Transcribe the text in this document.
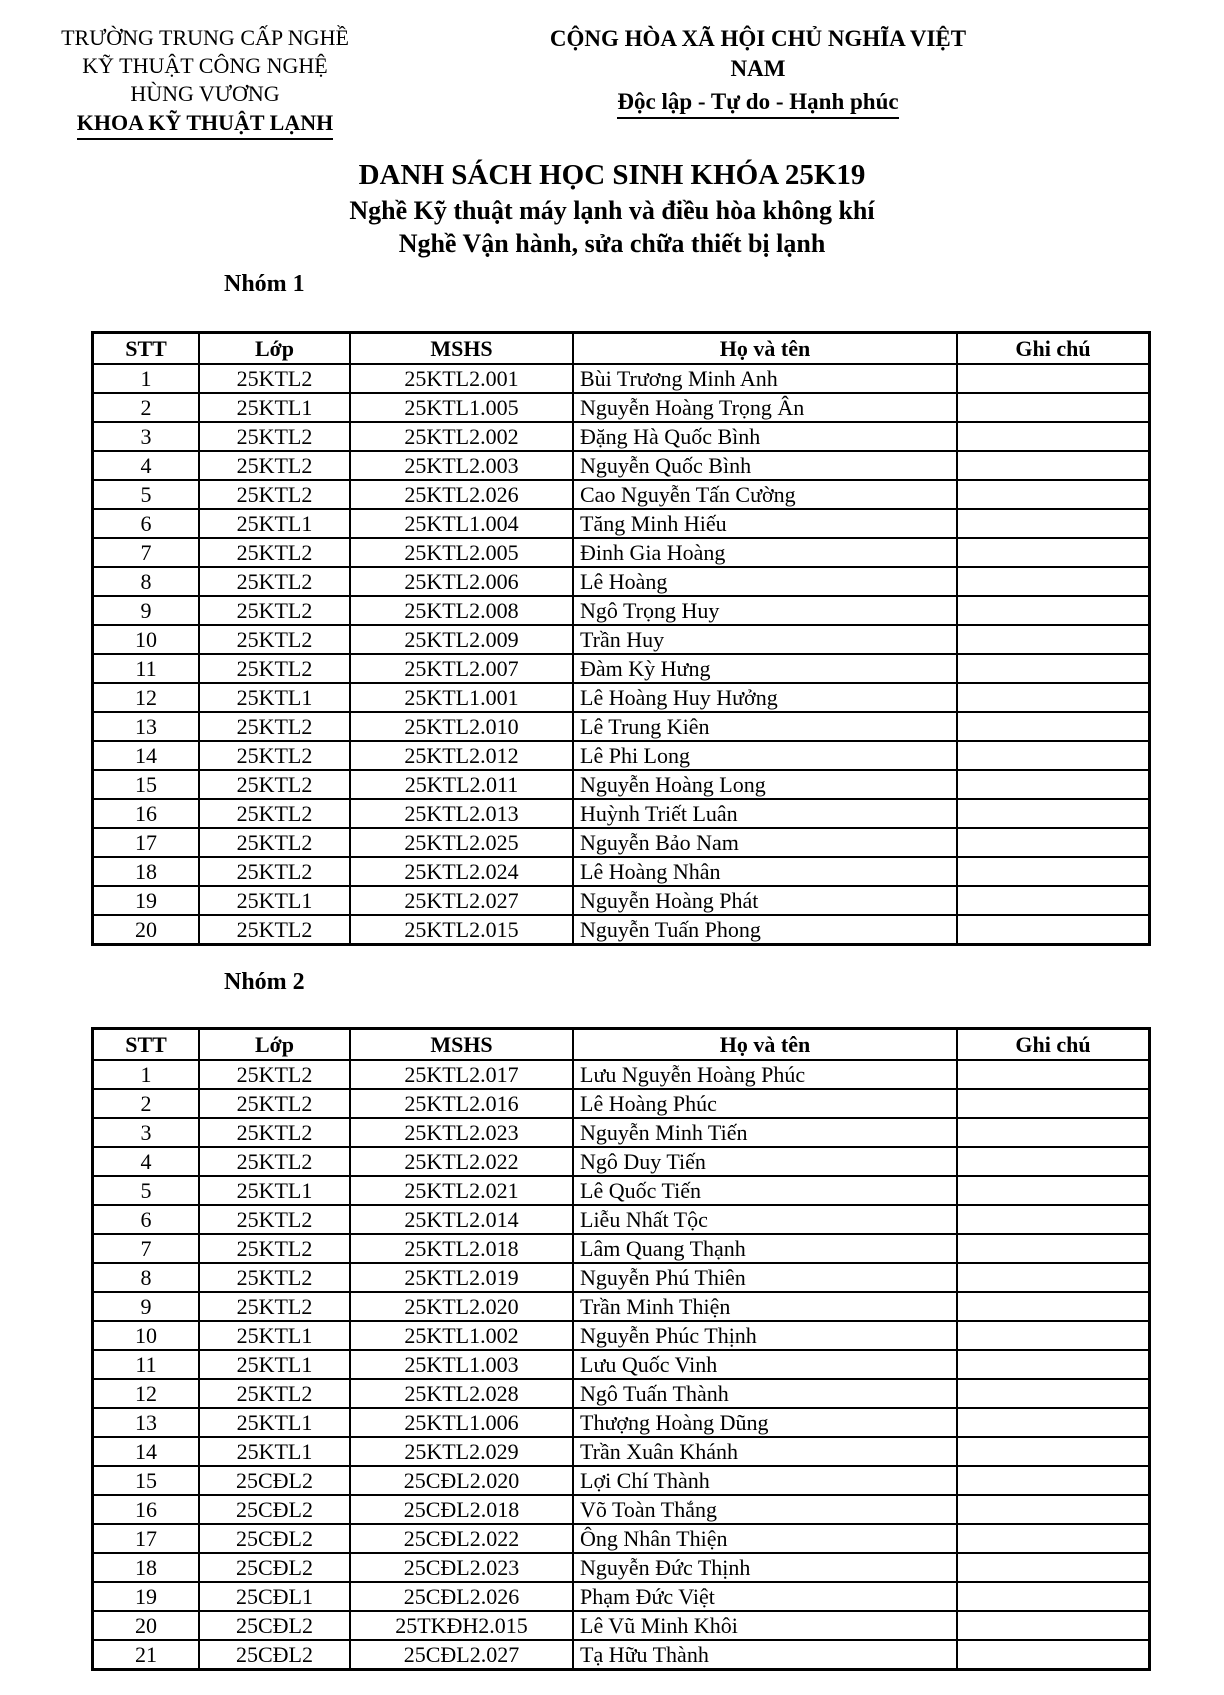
TRƯỜNG TRUNG CẤP NGHỀ
KỸ THUẬT CÔNG NGHỆ
HÙNG VƯƠNG
KHOA KỸ THUẬT LẠNH
CỘNG HÒA XÃ HỘI CHỦ NGHĨA VIỆT NAM
Độc lập - Tự do - Hạnh phúc
DANH SÁCH HỌC SINH KHÓA 25K19
Nghề Kỹ thuật máy lạnh và điều hòa không khí
Nghề Vận hành, sửa chữa thiết bị lạnh
Nhóm 1
STT	Lớp	MSHS	Họ và tên	Ghi chú
1	25KTL2	25KTL2.001	Bùi Trương Minh Anh	
2	25KTL1	25KTL1.005	Nguyễn Hoàng Trọng Ân	
3	25KTL2	25KTL2.002	Đặng Hà Quốc Bình	
4	25KTL2	25KTL2.003	Nguyễn Quốc Bình	
5	25KTL2	25KTL2.026	Cao Nguyễn Tấn Cường	
6	25KTL1	25KTL1.004	Tăng Minh Hiếu	
7	25KTL2	25KTL2.005	Đinh Gia Hoàng	
8	25KTL2	25KTL2.006	Lê Hoàng	
9	25KTL2	25KTL2.008	Ngô Trọng Huy	
10	25KTL2	25KTL2.009	Trần Huy	
11	25KTL2	25KTL2.007	Đàm Kỳ Hưng	
12	25KTL1	25KTL1.001	Lê Hoàng Huy Hưởng	
13	25KTL2	25KTL2.010	Lê Trung Kiên	
14	25KTL2	25KTL2.012	Lê Phi Long	
15	25KTL2	25KTL2.011	Nguyễn Hoàng Long	
16	25KTL2	25KTL2.013	Huỳnh Triết Luân	
17	25KTL2	25KTL2.025	Nguyễn Bảo Nam	
18	25KTL2	25KTL2.024	Lê Hoàng Nhân	
19	25KTL1	25KTL2.027	Nguyễn Hoàng Phát	
20	25KTL2	25KTL2.015	Nguyễn Tuấn Phong	
Nhóm 2
STT	Lớp	MSHS	Họ và tên	Ghi chú
1	25KTL2	25KTL2.017	Lưu Nguyễn Hoàng Phúc	
2	25KTL2	25KTL2.016	Lê Hoàng Phúc	
3	25KTL2	25KTL2.023	Nguyễn Minh Tiến	
4	25KTL2	25KTL2.022	Ngô Duy Tiến	
5	25KTL1	25KTL2.021	Lê Quốc Tiến	
6	25KTL2	25KTL2.014	Liễu Nhất Tộc	
7	25KTL2	25KTL2.018	Lâm Quang Thạnh	
8	25KTL2	25KTL2.019	Nguyễn Phú Thiên	
9	25KTL2	25KTL2.020	Trần Minh Thiện	
10	25KTL1	25KTL1.002	Nguyễn Phúc Thịnh	
11	25KTL1	25KTL1.003	Lưu Quốc Vinh	
12	25KTL2	25KTL2.028	Ngô Tuấn Thành	
13	25KTL1	25KTL1.006	Thượng Hoàng Dũng	
14	25KTL1	25KTL2.029	Trần Xuân Khánh	
15	25CĐL2	25CĐL2.020	Lợi Chí Thành	
16	25CĐL2	25CĐL2.018	Võ Toàn Thắng	
17	25CĐL2	25CĐL2.022	Ông Nhân Thiện	
18	25CĐL2	25CĐL2.023	Nguyễn Đức Thịnh	
19	25CĐL1	25CĐL2.026	Phạm Đức Việt	
20	25CĐL2	25TKĐH2.015	Lê Vũ Minh Khôi	
21	25CĐL2	25CĐL2.027	Tạ Hữu Thành	
